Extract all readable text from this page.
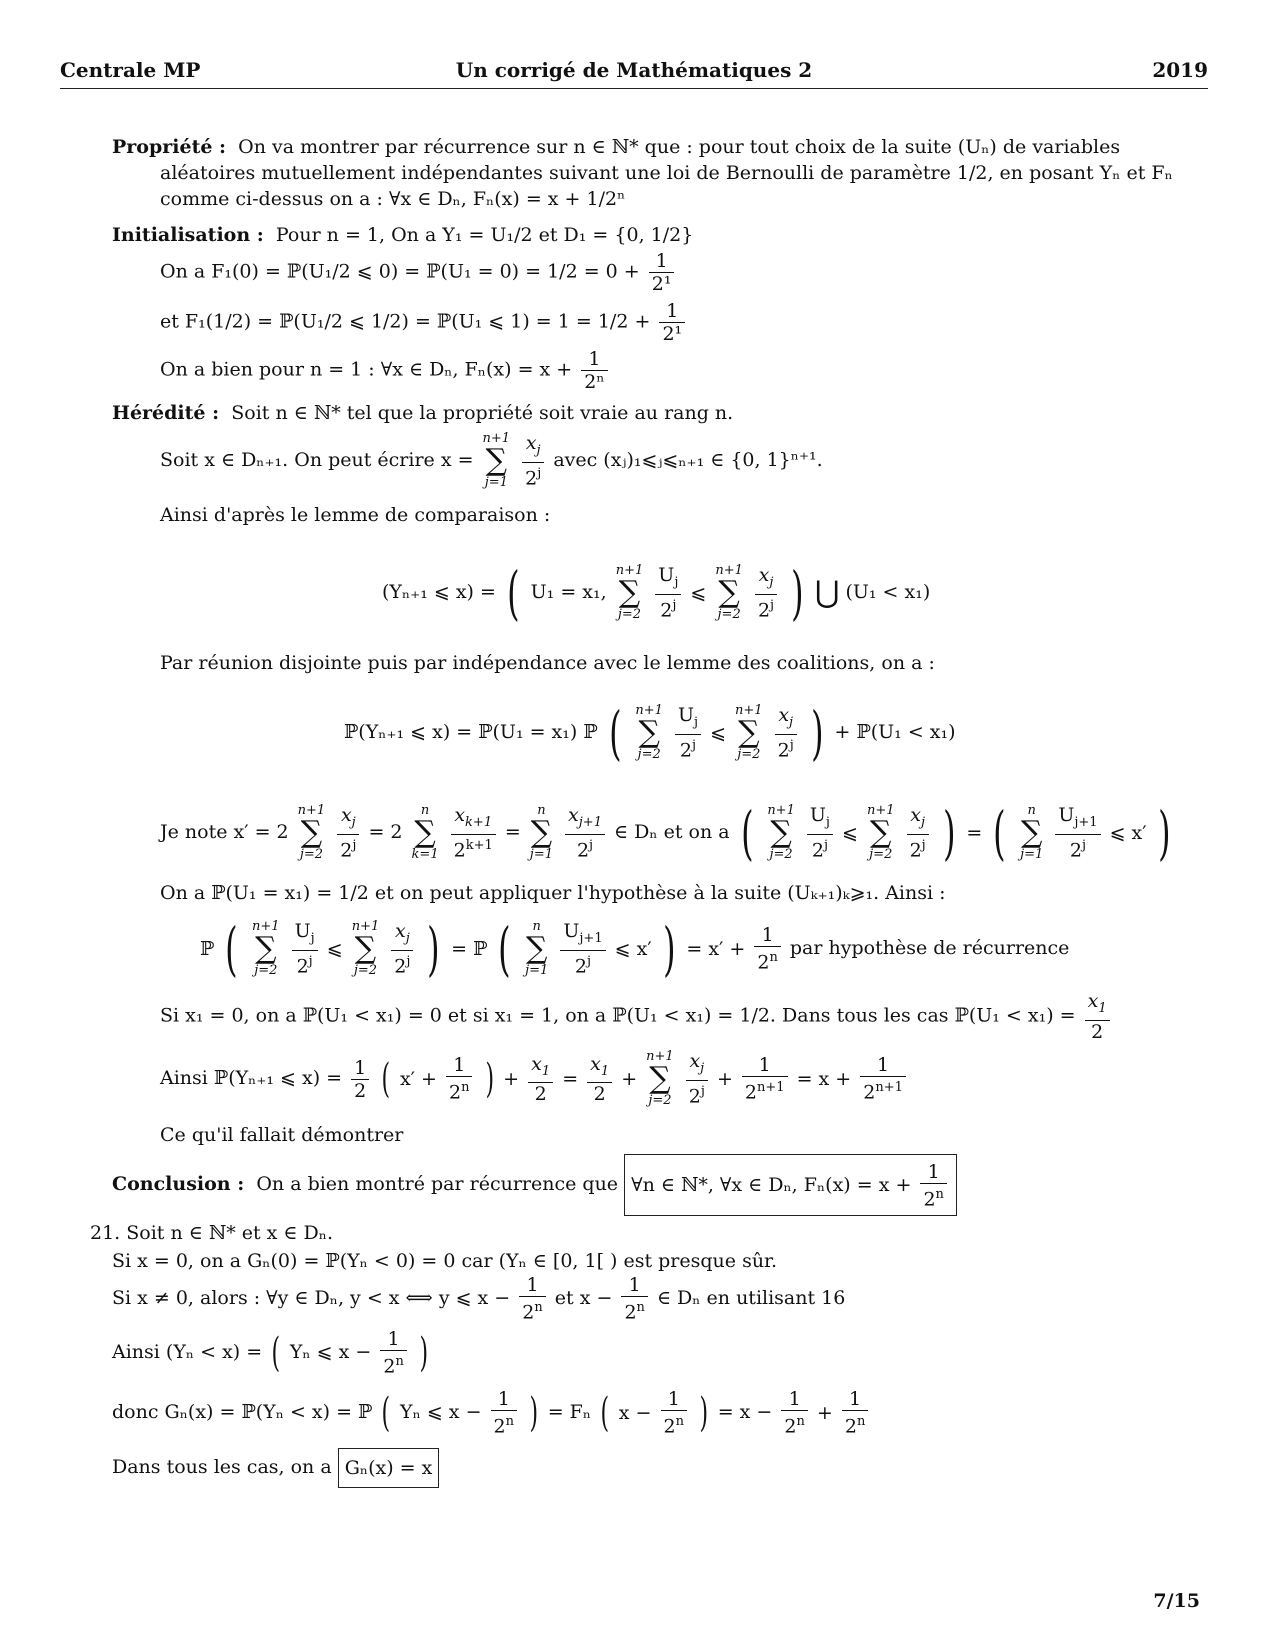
Centrale MP	Un corrigé de Mathématiques 2	2019
Propriété : On va montrer par récurrence sur n ∈ ℕ* que : pour tout choix de la suite (Uₙ) de variables
aléatoires mutuellement indépendantes suivant une loi de Bernoulli de paramètre 1/2, en posant Yₙ et Fₙ
comme ci-dessus on a : ∀x ∈ Dₙ, Fₙ(x) = x + 1/2ⁿ
Initialisation : Pour n = 1, On a Y₁ = U₁/2 et D₁ = {0, 1/2}
On a F₁(0) = ℙ(U₁/2 ⩽ 0) = ℙ(U₁ = $0) = 1/2 = 0 + \frac{1}{\text{2¹}}$
et F₁(1/2) = ℙ(U₁/2 ⩽ 1/2) = ℙ(U₁ ⩽ $1) = 1 = 1/2 + \frac{1}{\text{2¹}}$
On a bien pour n = 1 : ∀x ∈ Dₙ, $F_n(x) = x + \frac{1}{\text{2ⁿ}}$
Hérédité : Soit n ∈ ℕ* tel que la propriété soit vraie au rang n.
Soit x ∈ Dₙ₊₁. On peut écrire x =
n+1
∑
j=1
$\frac{x_j}{2^j}$ avec (xⱼ)₁⩽ⱼ⩽ₙ₊₁ ∈ {0, 1}ⁿ⁺¹.
Ainsi d'après le lemme de comparaison :
(Yₙ₊₁ ⩽ x) = ( U₁ = x₁,
n+1
∑
j=2
$\frac{U_j}{2^j}$ ⩽
n+1
∑
j=2
$\frac{x_j}{2^j}$ ) ⋃ (U₁ < x₁)
Par réunion disjointe puis par indépendance avec le lemme des coalitions, on a :
ℙ(Yₙ₊₁ ⩽ x) = ℙ(U₁ = x₁) ℙ ( n+1
∑
j=2
$\frac{U_j}{2^j}$ ⩽
n+1
∑
j=2
$\frac{x_j}{2^j}$ ) + ℙ(U₁ < x₁)
Je note x′ = 2
n+1
∑
j=2
$\frac{x_j}{2^j} = 2$
n
∑
k=1
$\frac{x_{k+1}}{2^{k+1}}$ =
n
∑
j=1
$\frac{x_{j+1}}{2^j}$ ∈ Dₙ et on a ( n+1
∑
j=2
$\frac{U_j}{2^j}$ ⩽
n+1
∑
j=2
$\frac{x_j}{2^j}$ ) = (	n
∑
j=1
$\frac{U_{j+1}}{2^j}$ ⩽ x′ )
On a ℙ(U₁ = x₁) = 1/2 et on peut appliquer l'hypothèse à la suite (Uₖ₊₁)ₖ⩾₁. Ainsi :
ℙ ( n+1
∑
j=2
$\frac{U_j}{2^j}$ ⩽
n+1
∑
j=2
$\frac{x_j}{2^j}$ ) = ℙ (	n
∑
j=1
$\frac{U_{j+1}}{2^j}$ ⩽ x′ ) = $x' + \frac{1}{2^n}$ par hypothèse de récurrence
Si x₁ = 0, on a ℙ(U₁ < x₁) = 0 et si x₁ = 1, on a ℙ(U₁ < x₁) = 1/2. Dans tous les cas ℙ(U₁ < $x_1) = \frac{x_1}{2}$
Ainsi ℙ(Yₙ₊₁ ⩽ $x) = \frac{1}{2}$ ( $x' + \frac{1}{2^n}$ ) + $\frac{x_1}{2} = \frac{x_1}{2}$ +
n+1
∑
j=2
$\frac{x_j}{2^j} + \frac{1}{2^{n+1}} = x + \frac{1}{2^{n+1}}$
Ce qu'il fallait démontrer
Conclusion : On a bien montré par récurrence que ∀n ∈ ℕ*, ∀x ∈ Dₙ, $F_n(x) = x + \frac{1}{2^n}$
21. Soit n ∈ ℕ* et x ∈ Dₙ.
Si x = 0, on a Gₙ(0) = ℙ(Yₙ < 0) = 0 car (Yₙ ∈ [0, 1[ ) est presque sûr.
Si x ≠ 0, alors : ∀y ∈ Dₙ, y < x ⟺ y ⩽ $x - \frac{1}{2^n}$ et $x - \frac{1}{2^n}$ ∈ Dₙ en utilisant 16
Ainsi (Yₙ < x) = ( Yₙ ⩽ $x - \frac{1}{2^n}$ )
donc Gₙ(x) = ℙ(Yₙ < x) = ℙ ( Yₙ ⩽ $x - \frac{1}{2^n}$ ) = Fₙ ( $x - \frac{1}{2^n}$ ) = $x - \frac{1}{2^n} + \frac{1}{2^n}$
Dans tous les cas, on a Gₙ(x) = x
7/15
